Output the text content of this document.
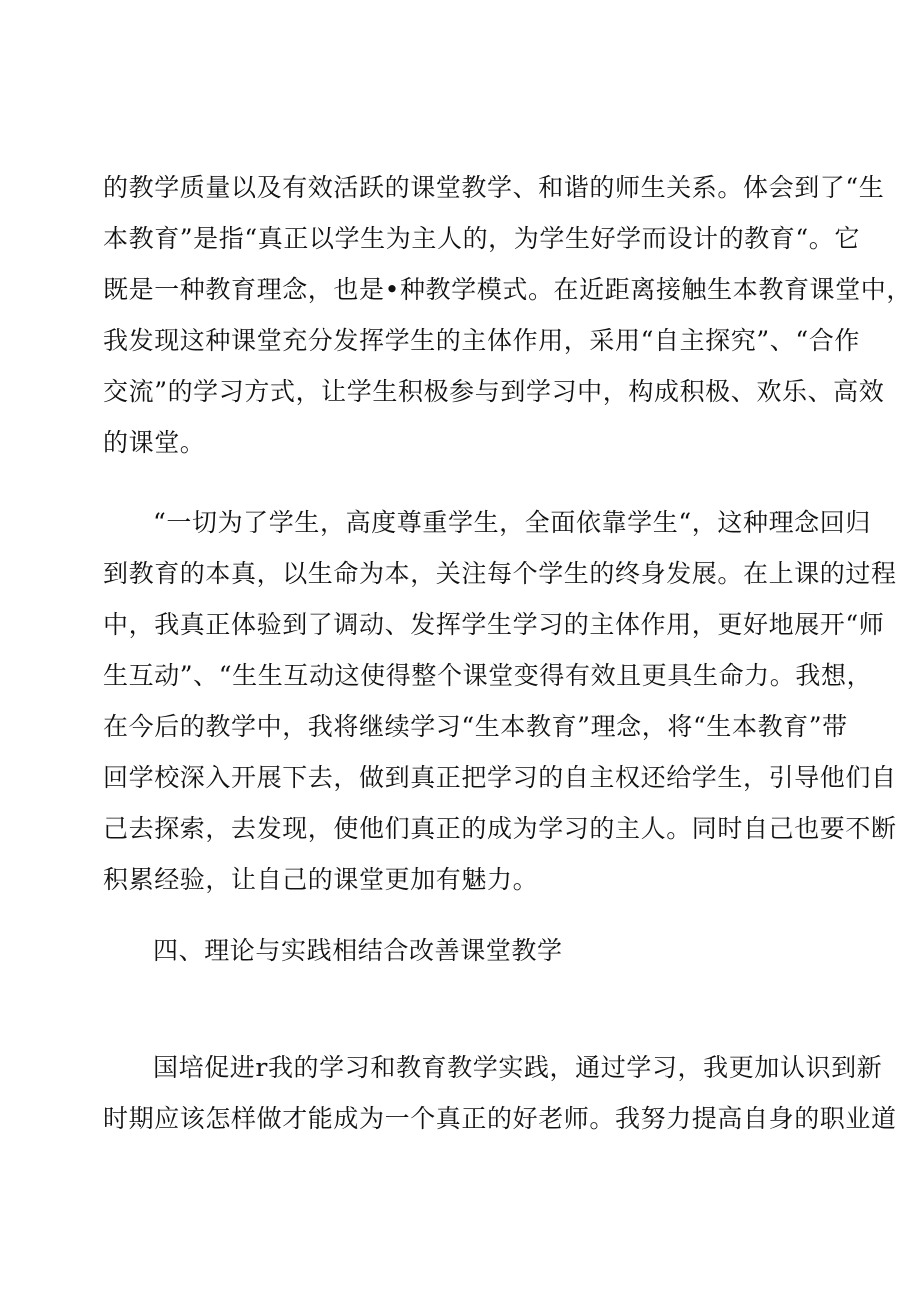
的教学质量以及有效活跃的课堂教学、和谐的师生关系。体会到了“生
本教育”是指“真正以学生为主人的，为学生好学而设计的教育“。它
既是一种教育理念，也是•种教学模式。在近距离接触生本教育课堂中，
我发现这种课堂充分发挥学生的主体作用，采用“自主探究”、“合作
交流”的学习方式，让学生积极参与到学习中，构成积极、欢乐、高效
的课堂。
“一切为了学生，高度尊重学生，全面依靠学生“，这种理念回归
到教育的本真，以生命为本，关注每个学生的终身发展。在上课的过程
中，我真正体验到了调动、发挥学生学习的主体作用，更好地展开“师
生互动”、“生生互动这使得整个课堂变得有效且更具生命力。我想，
在今后的教学中，我将继续学习“生本教育”理念，将“生本教育”带
回学校深入开展下去，做到真正把学习的自主权还给学生，引导他们自
己去探索，去发现，使他们真正的成为学习的主人。同时自己也要不断
积累经验，让自己的课堂更加有魅力。
四、理论与实践相结合改善课堂教学
国培促进r我的学习和教育教学实践，通过学习，我更加认识到新
时期应该怎样做才能成为一个真正的好老师。我努力提高自身的职业道
